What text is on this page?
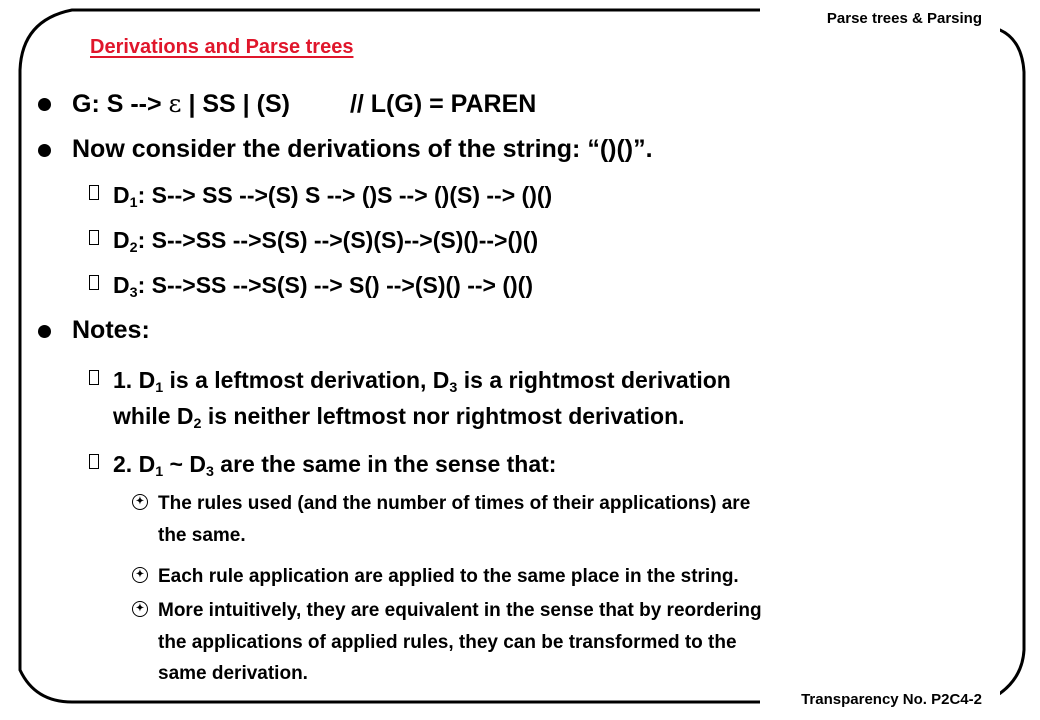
Parse trees & Parsing
Transparency No. P2C4-2
Derivations and Parse trees
G: S --> ε | SS | (S) // L(G) = PAREN
Now consider the derivations of the string: “()()”.
$D_1$: S--> SS -->(S) S --> ()S --> ()(S) --> ()()
$D_2$: S-->SS -->S(S) -->(S)(S)-->(S)()-->()()
$D_3$: S-->SS -->S(S) --> S() -->(S)() --> ()()
Notes:
1. $D_1$ is a leftmost derivation, $D_3$ is a rightmost derivation
while $D_2$ is neither leftmost nor rightmost derivation.
2. $D_1$ ~ $D_3$ are the same in the sense that:
✦ The rules used (and the number of times of their applications) are
the same.
✦ Each rule application are applied to the same place in the string.
✦ More intuitively, they are equivalent in the sense that by reordering
the applications of applied rules, they can be transformed to the
same derivation.
